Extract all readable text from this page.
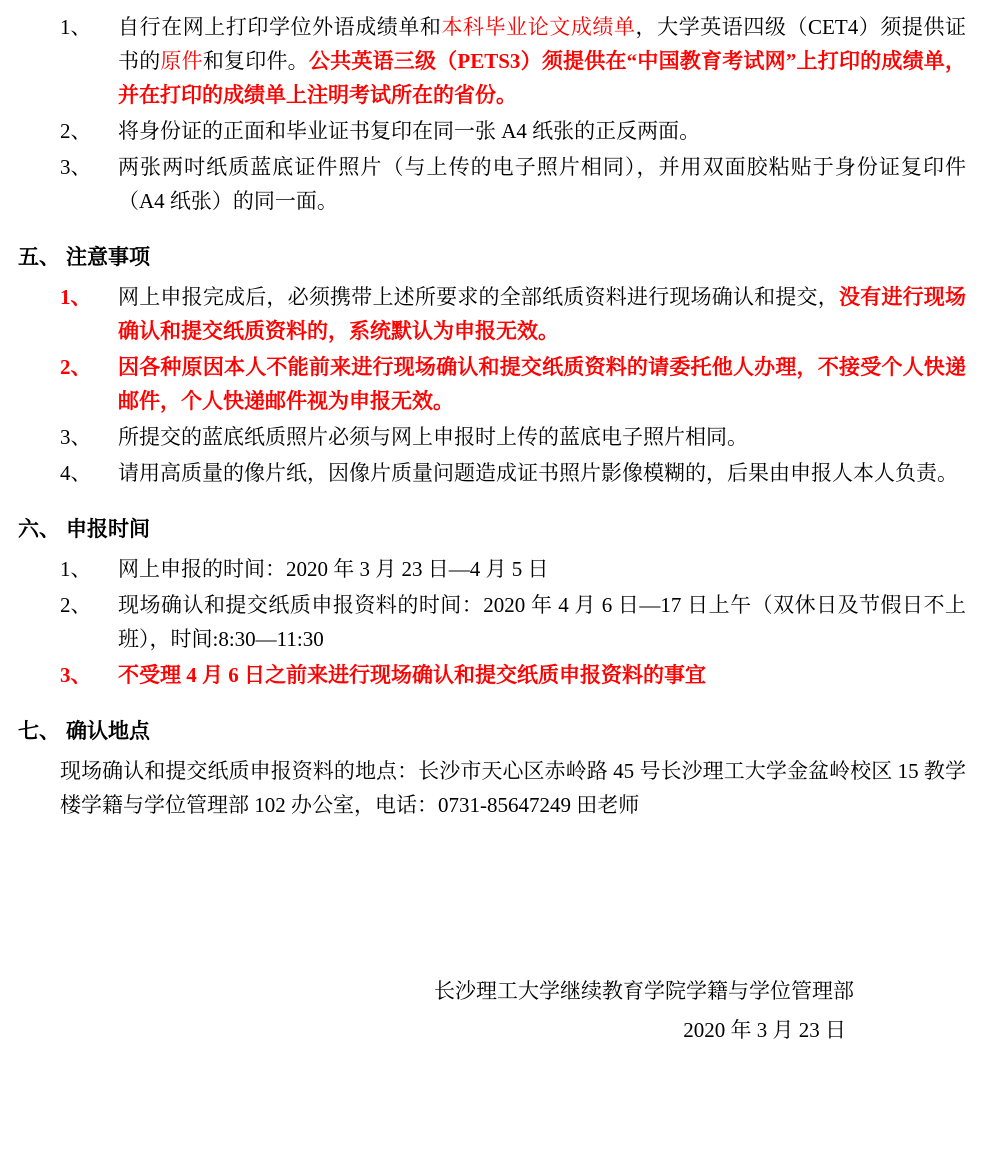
1、	自行在网上打印学位外语成绩单和本科毕业论文成绩单，大学英语四级（CET4）须提供证书的原件和复印件。公共英语三级（PETS3）须提供在“中国教育考试网”上打印的成绩单，并在打印的成绩单上注明考试所在的省份。
2、	将身份证的正面和毕业证书复印在同一张 A4 纸张的正反两面。
3、	两张两吋纸质蓝底证件照片（与上传的电子照片相同），并用双面胶粘贴于身份证复印件（A4 纸张）的同一面。
五、 注意事项
1、	网上申报完成后，必须携带上述所要求的全部纸质资料进行现场确认和提交，没有进行现场确认和提交纸质资料的，系统默认为申报无效。
2、	因各种原因本人不能前来进行现场确认和提交纸质资料的请委托他人办理，不接受个人快递邮件，个人快递邮件视为申报无效。
3、	所提交的蓝底纸质照片必须与网上申报时上传的蓝底电子照片相同。
4、	请用高质量的像片纸，因像片质量问题造成证书照片影像模糊的，后果由申报人本人负责。
六、 申报时间
1、	网上申报的时间：2020 年 3 月 23 日—4 月 5 日
2、	现场确认和提交纸质申报资料的时间：2020 年 4 月 6 日—17 日上午（双休日及节假日不上班），时间:8:30—11:30
3、	不受理 4 月 6 日之前来进行现场确认和提交纸质申报资料的事宜
七、 确认地点
现场确认和提交纸质申报资料的地点：长沙市天心区赤岭路 45 号长沙理工大学金盆岭校区 15 教学楼学籍与学位管理部 102 办公室，电话：0731-85647249 田老师
长沙理工大学继续教育学院学籍与学位管理部
2020 年 3 月 23 日
